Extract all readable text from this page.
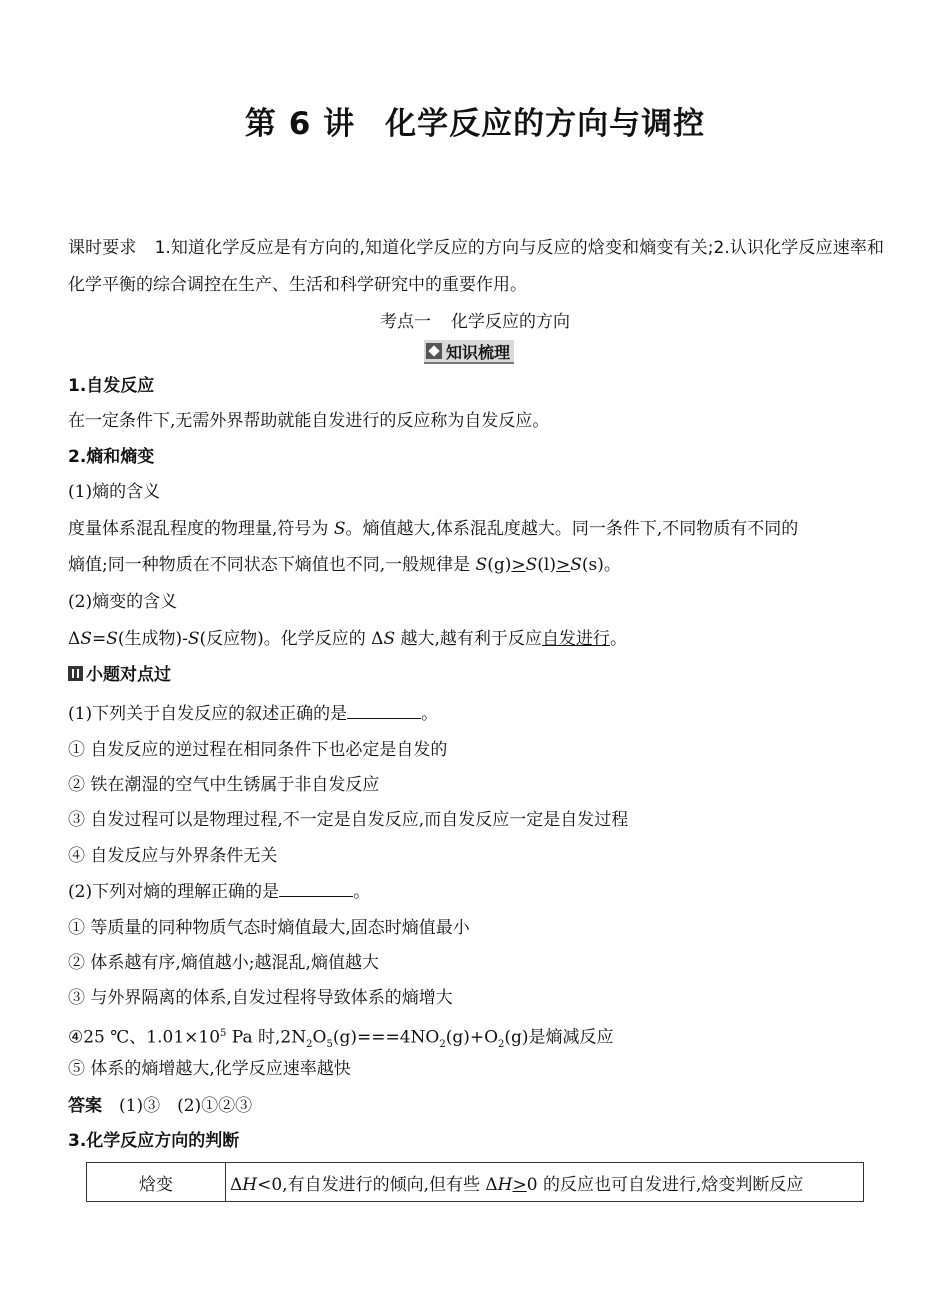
第 6 讲 化学反应的方向与调控
课时要求 1.知道化学反应是有方向的,知道化学反应的方向与反应的焓变和熵变有关;2.认识化学反应速率和化学平衡的综合调控在生产、生活和科学研究中的重要作用。
考点一 化学反应的方向
知识梳理
1.自发反应
在一定条件下,无需外界帮助就能自发进行的反应称为自发反应。
2.熵和熵变
(1)熵的含义
度量体系混乱程度的物理量,符号为 S。熵值越大,体系混乱度越大。同一条件下,不同物质有不同的
熵值;同一种物质在不同状态下熵值也不同,一般规律是 S(g)>S(l)>S(s)。
(2)熵变的含义
ΔS=S(生成物)-S(反应物)。化学反应的 ΔS 越大,越有利于反应自发进行。
小题对点过
(1)下列关于自发反应的叙述正确的是	。
① 自发反应的逆过程在相同条件下也必定是自发的
② 铁在潮湿的空气中生锈属于非自发反应
③ 自发过程可以是物理过程,不一定是自发反应,而自发反应一定是自发过程
④ 自发反应与外界条件无关
(2)下列对熵的理解正确的是	。
① 等质量的同种物质气态时熵值最大,固态时熵值最小
② 体系越有序,熵值越小;越混乱,熵值越大
③ 与外界隔离的体系,自发过程将导致体系的熵增大
④25 ℃、$1.01\times 10^5$ Pa 时$,2N_2O_5(g)===4NO_2(g)+O_2(g)$是熵减反应
⑤ 体系的熵增越大,化学反应速率越快
答案　 (1)③　(2)①②③
3.化学反应方向的判断
焓变	ΔH<0,有自发进行的倾向,但有些 ΔH>0 的反应也可自发进行,焓变判断反应
